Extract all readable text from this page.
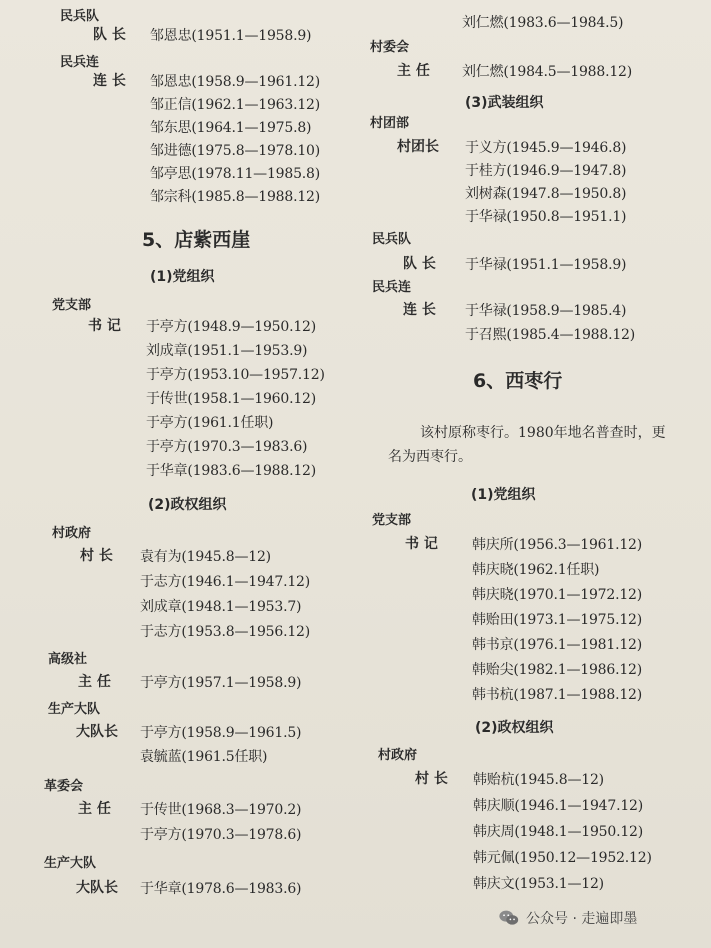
民兵队
队 长 邹恩忠(1951.1—1958.9)
民兵连
连 长 邹恩忠(1958.9—1961.12)
邹正信(1962.1—1963.12)
邹东思(1964.1—1975.8)
邹进德(1975.8—1978.10)
邹亭思(1978.11—1985.8)
邹宗科(1985.8—1988.12)
5、店紫西崖
(1)党组织
党支部
书 记 于亭方(1948.9—1950.12)
刘成章(1951.1—1953.9)
于亭方(1953.10—1957.12)
于传世(1958.1—1960.12)
于亭方(1961.1任职)
于亭方(1970.3—1983.6)
于华章(1983.6—1988.12)
(2)政权组织
村政府
村 长 袁有为(1945.8—12)
于志方(1946.1—1947.12)
刘成章(1948.1—1953.7)
于志方(1953.8—1956.12)
高级社
主 任 于亭方(1957.1—1958.9)
生产大队
大队长 于亭方(1958.9—1961.5)
袁毓蓝(1961.5任职)
革委会
主 任 于传世(1968.3—1970.2)
于亭方(1970.3—1978.6)
生产大队
大队长 于华章(1978.6—1983.6)
刘仁燃(1983.6—1984.5)
村委会
主 任 刘仁燃(1984.5—1988.12)
(3)武装组织
村团部
村团长 于义方(1945.9—1946.8)
于桂方(1946.9—1947.8)
刘树森(1947.8—1950.8)
于华禄(1950.8—1951.1)
民兵队
队 长 于华禄(1951.1—1958.9)
民兵连
连 长 于华禄(1958.9—1985.4)
于召熙(1985.4—1988.12)
6、西枣行
该村原称枣行。1980年地名普查时，更名为西枣行。
(1)党组织
党支部
书 记 韩庆所(1956.3—1961.12)
韩庆晓(1962.1任职)
韩庆晓(1970.1—1972.12)
韩贻田(1973.1—1975.12)
韩书京(1976.1—1981.12)
韩贻尖(1982.1—1986.12)
韩书杭(1987.1—1988.12)
(2)政权组织
村政府
村 长 韩贻杭(1945.8—12)
韩庆顺(1946.1—1947.12)
韩庆周(1948.1—1950.12)
韩元佩(1950.12—1952.12)
韩庆文(1953.1—12)
公众号 · 走遍即墨
